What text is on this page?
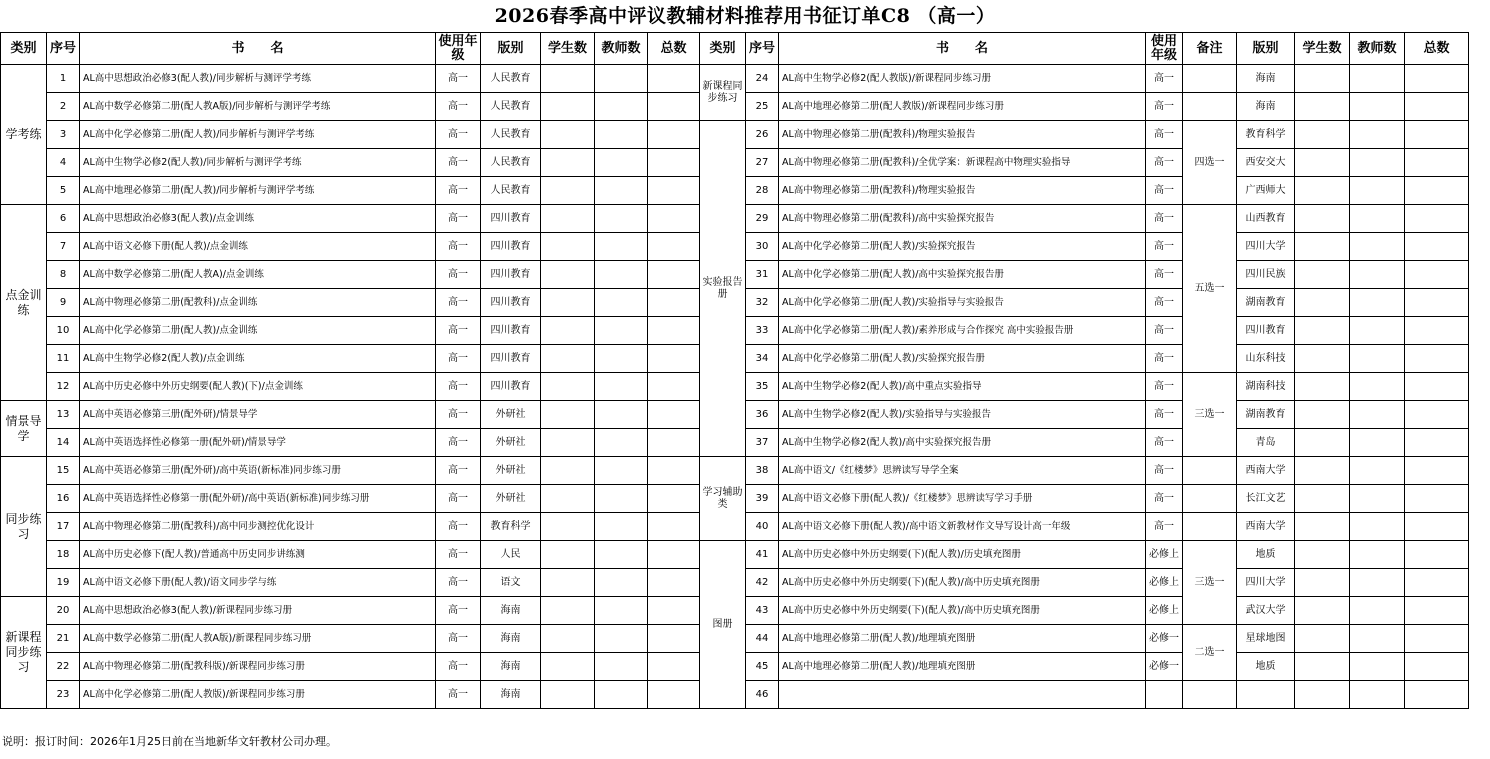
2026春季高中评议教辅材料推荐用书征订单C8 （高一）
类别	序号	书　　名	使用年级	版别	学生数	教师数	总数	类别	序号	书　　名	使用年级	备注	版别	学生数	教师数	总数
学考练	1	AL高中思想政治必修3(配人教)/同步解析与测评学考练	高一	人民教育				新课程同步练习	24	AL高中生物学必修2(配人教版)/新课程同步练习册	高一		海南			
	2	AL高中数学必修第二册(配人教A版)/同步解析与测评学考练	高一	人民教育					25	AL高中地理必修第二册(配人教版)/新课程同步练习册	高一		海南			
	3	AL高中化学必修第二册(配人教)/同步解析与测评学考练	高一	人民教育				实验报告册	26	AL高中物理必修第二册(配教科)/物理实验报告	高一	四选一	教育科学			
	4	AL高中生物学必修2(配人教)/同步解析与测评学考练	高一	人民教育					27	AL高中物理必修第二册(配教科)/全优学案：新课程高中物理实验指导	高一		西安交大			
	5	AL高中地理必修第二册(配人教)/同步解析与测评学考练	高一	人民教育					28	AL高中物理必修第二册(配教科)/物理实验报告	高一		广西师大			
点金训练	6	AL高中思想政治必修3(配人教)/点金训练	高一	四川教育					29	AL高中物理必修第二册(配教科)/高中实验探究报告	高一	五选一	山西教育			
	7	AL高中语文必修下册(配人教)/点金训练	高一	四川教育					30	AL高中化学必修第二册(配人教)/实验探究报告	高一		四川大学			
	8	AL高中数学必修第二册(配人教A)/点金训练	高一	四川教育					31	AL高中化学必修第二册(配人教)/高中实验探究报告册	高一		四川民族			
	9	AL高中物理必修第二册(配教科)/点金训练	高一	四川教育					32	AL高中化学必修第二册(配人教)/实验指导与实验报告	高一		湖南教育			
	10	AL高中化学必修第二册(配人教)/点金训练	高一	四川教育					33	AL高中化学必修第二册(配人教)/素养形成与合作探究 高中实验报告册	高一		四川教育			
	11	AL高中生物学必修2(配人教)/点金训练	高一	四川教育					34	AL高中化学必修第二册(配人教)/实验探究报告册	高一		山东科技			
	12	AL高中历史必修中外历史纲要(配人教)(下)/点金训练	高一	四川教育					35	AL高中生物学必修2(配人教)/高中重点实验指导	高一	三选一	湖南科技			
情景导学	13	AL高中英语必修第三册(配外研)/情景导学	高一	外研社					36	AL高中生物学必修2(配人教)/实验指导与实验报告	高一		湖南教育			
	14	AL高中英语选择性必修第一册(配外研)/情景导学	高一	外研社					37	AL高中生物学必修2(配人教)/高中实验探究报告册	高一		青岛			
同步练习	15	AL高中英语必修第三册(配外研)/高中英语(新标准)同步练习册	高一	外研社				学习辅助类	38	AL高中语文/《红楼梦》思辨读写导学全案	高一		西南大学			
	16	AL高中英语选择性必修第一册(配外研)/高中英语(新标准)同步练习册	高一	外研社					39	AL高中语文必修下册(配人教)/《红楼梦》思辨读写学习手册	高一		长江文艺			
	17	AL高中物理必修第二册(配教科)/高中同步测控优化设计	高一	教育科学					40	AL高中语文必修下册(配人教)/高中语文新教材作文导写设计高一年级	高一		西南大学			
	18	AL高中历史必修下(配人教)/普通高中历史同步讲练测	高一	人民				图册	41	AL高中历史必修中外历史纲要(下)(配人教)/历史填充图册	必修上	三选一	地质			
	19	AL高中语文必修下册(配人教)/语文同步学与练	高一	语文					42	AL高中历史必修中外历史纲要(下)(配人教)/高中历史填充图册	必修上		四川大学			
新课程同步练习	20	AL高中思想政治必修3(配人教)/新课程同步练习册	高一	海南					43	AL高中历史必修中外历史纲要(下)(配人教)/高中历史填充图册	必修上		武汉大学			
	21	AL高中数学必修第二册(配人教A版)/新课程同步练习册	高一	海南					44	AL高中地理必修第二册(配人教)/地理填充图册	必修一	二选一	星球地图			
	22	AL高中物理必修第二册(配教科版)/新课程同步练习册	高一	海南					45	AL高中地理必修第二册(配人教)/地理填充图册	必修一		地质			
	23	AL高中化学必修第二册(配人教版)/新课程同步练习册	高一	海南					46							
说明：报订时间：2026年1月25日前在当地新华文轩教材公司办理。
